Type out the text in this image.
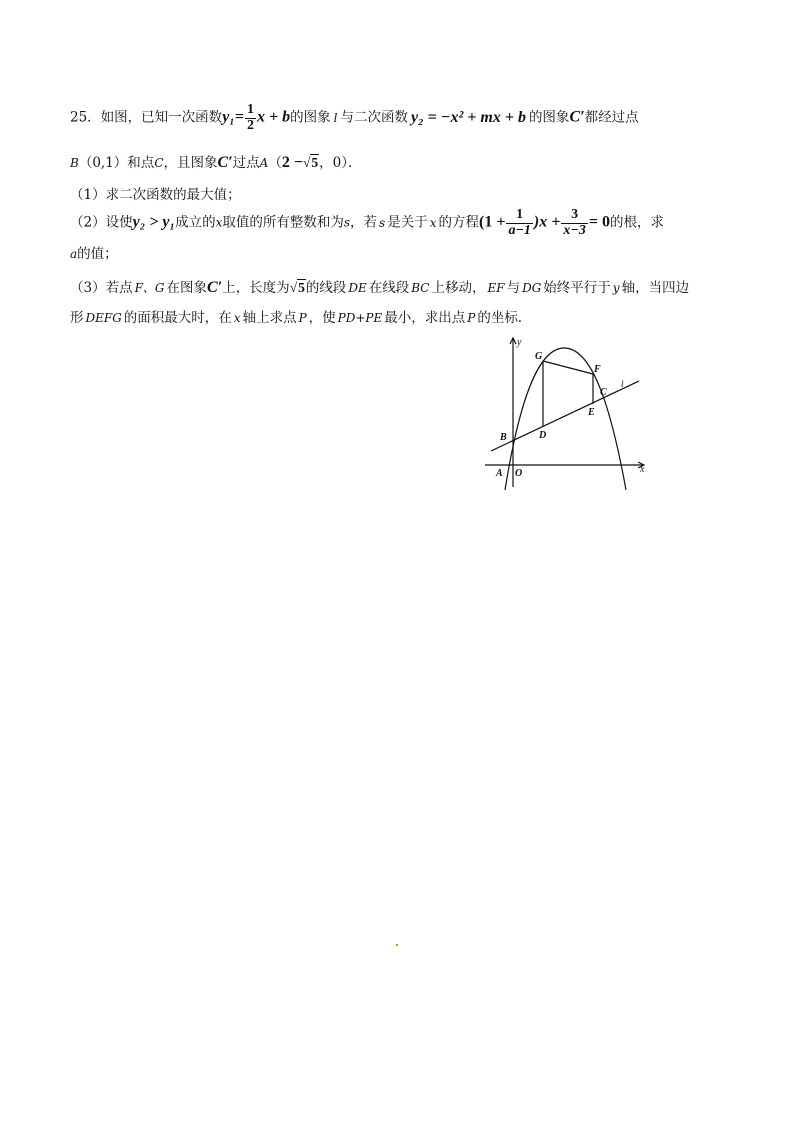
25．如图，已知一次函数$y_1= \frac{1}{2}$ x + b的图象 l 与二次函数 y₂ = −x² + mx + b 的图象C′都经过点
B（0,1）和点C，且图象C′过点A（2 −√5，0）．
（1）求二次函数的最大值；
（2）设使y₂ > y₁成立的x取值的所有整数和为s，若 s 是关于 x 的方程$(1 + \frac{1}{a-1} )x + \frac{3}{x-3} = 0$的根，求
a的值；
（3）若点 F、G 在图象C′上，长度为√5的线段 DE 在线段 BC 上移动， EF 与 DG 始终平行于 y 轴，当四边
形 DEFG 的面积最大时，在 x 轴上求点 P ，使 PD+PE 最小，求出点 P 的坐标．
y
x
G
F
C
l
E
B	D
A O
